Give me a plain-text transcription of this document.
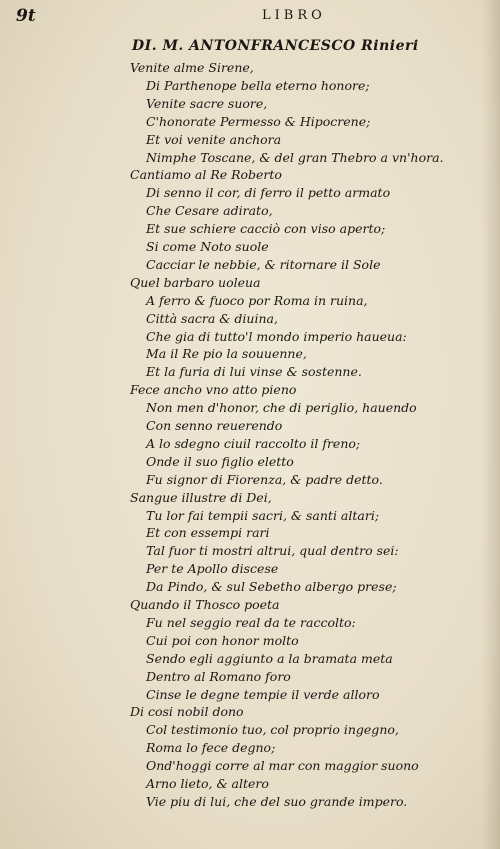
9t	LIBRO
DI. M. ANTONFRANCESCO Rinieri
Venite alme Sirene,
Di Parthenope bella eterno honore;
Venite sacre suore,
C'honorate Permesso & Hipocrene;
Et voi venite anchora
Nimphe Toscane, & del gran Thebro a vn'hora.
Cantiamo al Re Roberto
Di senno il cor, di ferro il petto armato
Che Cesare adirato,
Et sue schiere cacciò con viso aperto;
Si come Noto suole
Cacciar le nebbie, & ritornare il Sole
Quel barbaro uoleua
A ferro & fuoco por Roma in ruina,
Città sacra & diuina,
Che gia di tutto'l mondo imperio haueua:
Ma il Re pio la souuenne,
Et la furia di lui vinse & sostenne.
Fece ancho vno atto pieno
Non men d'honor, che di periglio, hauendo
Con senno reuerendo
A lo sdegno ciuil raccolto il freno;
Onde il suo figlio eletto
Fu signor di Fiorenza, & padre detto.
Sangue illustre di Dei,
Tu lor fai tempii sacri, & santi altari;
Et con essempi rari
Tal fuor ti mostri altrui, qual dentro sei:
Per te Apollo discese
Da Pindo, & sul Sebetho albergo prese;
Quando il Thosco poeta
Fu nel seggio real da te raccolto:
Cui poi con honor molto
Sendo egli aggiunto a la bramata meta
Dentro al Romano foro
Cinse le degne tempie il verde alloro
Di cosi nobil dono
Col testimonio tuo, col proprio ingegno,
Roma lo fece degno;
Ond'hoggi corre al mar con maggior suono
Arno lieto, & altero
Vie piu di lui, che del suo grande impero.
